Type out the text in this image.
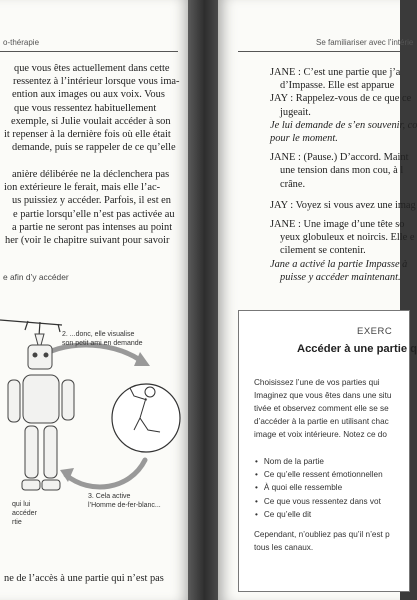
o-thérapie

que vous êtes actuellement dans cette

ressentez à l’intérieur lorsque vous ima-

ention aux images ou aux voix. Vous

que vous ressentez habituellement

exemple, si Julie voulait accéder à son

it repenser à la dernière fois où elle était

demande, puis se rappeler de ce qu’elle

anière délibérée ne la déclenchera pas

ion extérieure le ferait, mais elle l’ac-

us puissiez y accéder. Parfois, il est en

e partie lorsqu’elle n’est pas activée au

a partie ne seront pas intenses au point

her (voir le chapitre suivant pour savoir

e afin d’y accéder
2. ...donc, elle visualise
son petit ami en demande
3. Cela active
l’Homme de-fer-blanc...
qui lui
accéder
rtie

ne de l’accès à une partie qui n’est pas

Se familiariser avec l’intérie

JANE : C’est une partie que j’a

d’Impasse. Elle est apparue

JAY : Rappelez-vous de ce que ce

jugeait.

Je lui demande de s’en souvenir, co

pour le moment.

JANE : (Pause.) D’accord. Maint

une tension dans mon cou, à l

crâne.

JAY : Voyez si vous avez une imag

JANE : Une image d’une tête so

yeux globuleux et noircis. Elle e

cilement se contenir.

Jane a activé la partie Impasse à

puisse y accéder maintenant.

EXERC
Accéder à une partie q

Choisissez l’une de vos parties qui

Imaginez que vous êtes dans une situ

tivée et observez comment elle se se

d’accéder à la partie en utilisant chac

image et voix intérieure. Notez ce do

• Nom de la partie
• Ce qu’elle ressent émotionnellen
• À quoi elle ressemble
• Ce que vous ressentez dans vot
• Ce qu’elle dit

Cependant, n’oubliez pas qu’il n’est p

tous les canaux.
